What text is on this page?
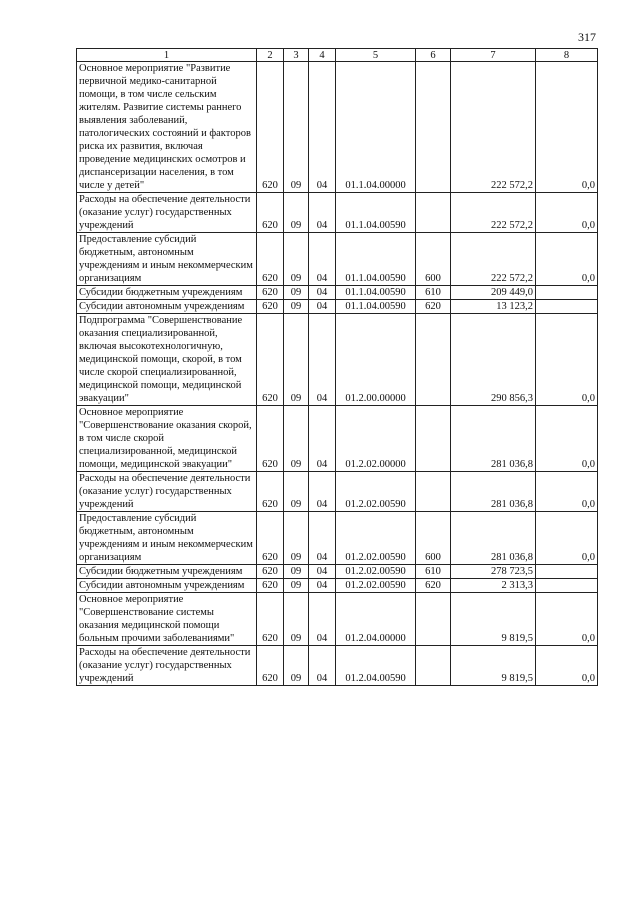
317
1	2	3	4	5	6	7	8
Основное мероприятие "Развитие первичной медико-санитарной помощи, в том числе сельским жителям. Развитие системы раннего выявления заболеваний, патологических состояний и факторов риска их развития, включая проведение медицинских осмотров и диспансеризации населения, в том числе у детей"	620	09	04	01.1.04.00000		222 572,2	0,0
Расходы на обеспечение деятельности (оказание услуг) государственных учреждений	620	09	04	01.1.04.00590		222 572,2	0,0
Предоставление субсидий бюджетным, автономным учреждениям и иным некоммерческим организациям	620	09	04	01.1.04.00590	600	222 572,2	0,0
Субсидии бюджетным учреждениям	620	09	04	01.1.04.00590	610	209 449,0	
Субсидии автономным учреждениям	620	09	04	01.1.04.00590	620	13 123,2	
Подпрограмма "Совершенствование оказания специализированной, включая высокотехнологичную, медицинской помощи, скорой, в том числе скорой специализированной, медицинской помощи, медицинской эвакуации"	620	09	04	01.2.00.00000		290 856,3	0,0
Основное мероприятие "Совершенствование оказания скорой, в том числе скорой специализированной, медицинской помощи, медицинской эвакуации"	620	09	04	01.2.02.00000		281 036,8	0,0
Расходы на обеспечение деятельности (оказание услуг) государственных учреждений	620	09	04	01.2.02.00590		281 036,8	0,0
Предоставление субсидий бюджетным, автономным учреждениям и иным некоммерческим организациям	620	09	04	01.2.02.00590	600	281 036,8	0,0
Субсидии бюджетным учреждениям	620	09	04	01.2.02.00590	610	278 723,5	
Субсидии автономным учреждениям	620	09	04	01.2.02.00590	620	2 313,3	
Основное мероприятие "Совершенствование системы оказания медицинской помощи больным прочими заболеваниями"	620	09	04	01.2.04.00000		9 819,5	0,0
Расходы на обеспечение деятельности (оказание услуг) государственных учреждений	620	09	04	01.2.04.00590		9 819,5	0,0
